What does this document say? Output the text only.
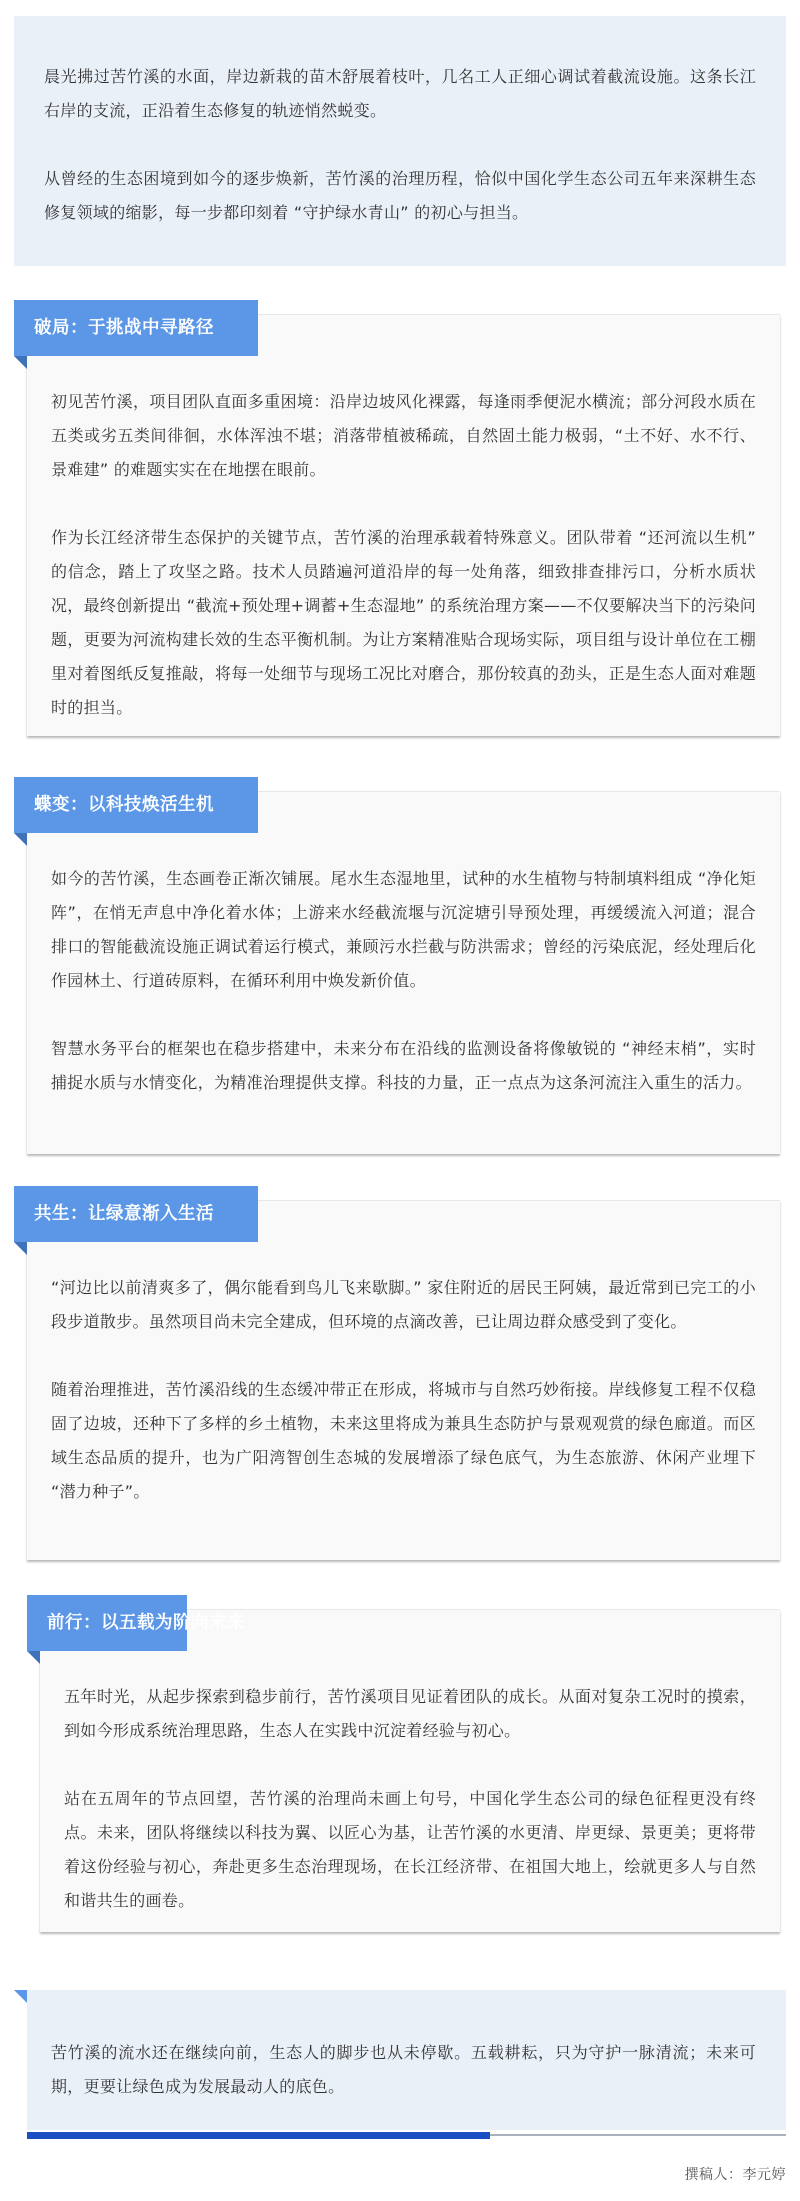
晨光拂过苦竹溪的水面，岸边新栽的苗木舒展着枝叶，几名工人正细心调试着截流设施。这条长江右岸的支流，正沿着生态修复的轨迹悄然蜕变。

从曾经的生态困境到如今的逐步焕新，苦竹溪的治理历程，恰似中国化学生态公司五年来深耕生态修复领域的缩影，每一步都印刻着 “守护绿水青山” 的初心与担当。

初见苦竹溪，项目团队直面多重困境：沿岸边坡风化裸露，每逢雨季便泥水横流；部分河段水质在五类或劣五类间徘徊，水体浑浊不堪；消落带植被稀疏，自然固土能力极弱，“土不好、水不行、景难建” 的难题实实在在地摆在眼前。

作为长江经济带生态保护的关键节点，苦竹溪的治理承载着特殊意义。团队带着 “还河流以生机” 的信念，踏上了攻坚之路。技术人员踏遍河道沿岸的每一处角落，细致排查排污口，分析水质状况，最终创新提出 “截流+预处理+调蓄+生态湿地” 的系统治理方案——不仅要解决当下的污染问题，更要为河流构建长效的生态平衡机制。为让方案精准贴合现场实际，项目组与设计单位在工棚里对着图纸反复推敲，将每一处细节与现场工况比对磨合，那份较真的劲头，正是生态人面对难题时的担当。

破局：于挑战中寻路径

如今的苦竹溪，生态画卷正渐次铺展。尾水生态湿地里，试种的水生植物与特制填料组成 “净化矩阵”，在悄无声息中净化着水体；上游来水经截流堰与沉淀塘引导预处理，再缓缓流入河道；混合排口的智能截流设施正调试着运行模式，兼顾污水拦截与防洪需求；曾经的污染底泥，经处理后化作园林土、行道砖原料，在循环利用中焕发新价值。

智慧水务平台的框架也在稳步搭建中，未来分布在沿线的监测设备将像敏锐的 “神经末梢”，实时捕捉水质与水情变化，为精准治理提供支撑。科技的力量，正一点点为这条河流注入重生的活力。

蝶变：以科技焕活生机

“河边比以前清爽多了，偶尔能看到鸟儿飞来歇脚。” 家住附近的居民王阿姨，最近常到已完工的小段步道散步。虽然项目尚未完全建成，但环境的点滴改善，已让周边群众感受到了变化。

随着治理推进，苦竹溪沿线的生态缓冲带正在形成，将城市与自然巧妙衔接。岸线修复工程不仅稳固了边坡，还种下了多样的乡土植物，未来这里将成为兼具生态防护与景观观赏的绿色廊道。而区域生态品质的提升，也为广阳湾智创生态城的发展增添了绿色底气，为生态旅游、休闲产业埋下 “潜力种子”。

共生：让绿意渐入生活

五年时光，从起步探索到稳步前行，苦竹溪项目见证着团队的成长。从面对复杂工况时的摸索，到如今形成系统治理思路，生态人在实践中沉淀着经验与初心。

站在五周年的节点回望，苦竹溪的治理尚未画上句号，中国化学生态公司的绿色征程更没有终点。未来，团队将继续以科技为翼、以匠心为基，让苦竹溪的水更清、岸更绿、景更美；更将带着这份经验与初心，奔赴更多生态治理现场，在长江经济带、在祖国大地上，绘就更多人与自然和谐共生的画卷。

前行：以五载为阶向未来

苦竹溪的流水还在继续向前，生态人的脚步也从未停歇。五载耕耘，只为守护一脉清流；未来可期，更要让绿色成为发展最动人的底色。

撰稿人：李元婷
